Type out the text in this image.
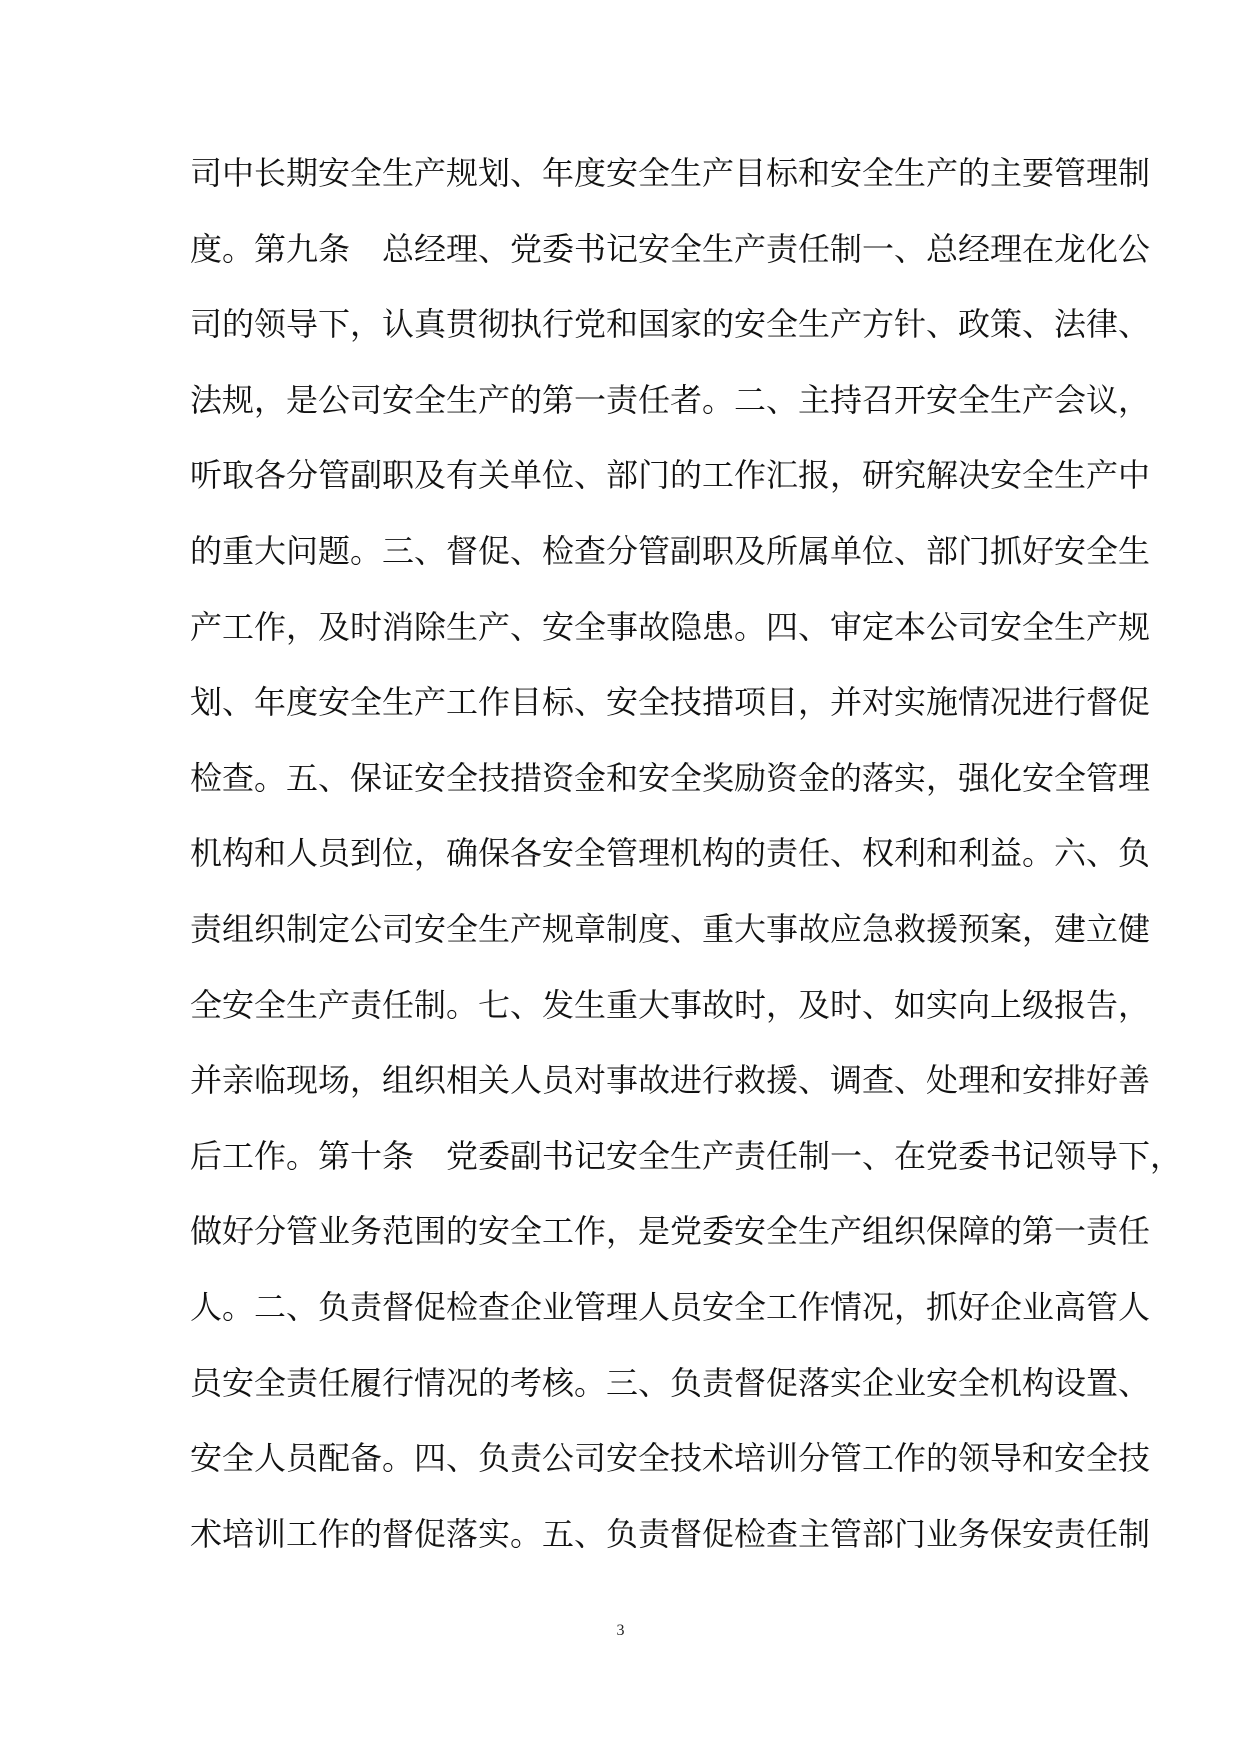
司中长期安全生产规划、年度安全生产目标和安全生产的主要管理制
度。第九条　总经理、党委书记安全生产责任制一、总经理在龙化公
司的领导下，认真贯彻执行党和国家的安全生产方针、政策、法律、
法规，是公司安全生产的第一责任者。二、主持召开安全生产会议，
听取各分管副职及有关单位、部门的工作汇报，研究解决安全生产中
的重大问题。三、督促、检查分管副职及所属单位、部门抓好安全生
产工作，及时消除生产、安全事故隐患。四、审定本公司安全生产规
划、年度安全生产工作目标、安全技措项目，并对实施情况进行督促
检查。五、保证安全技措资金和安全奖励资金的落实，强化安全管理
机构和人员到位，确保各安全管理机构的责任、权利和利益。六、负
责组织制定公司安全生产规章制度、重大事故应急救援预案，建立健
全安全生产责任制。七、发生重大事故时，及时、如实向上级报告，
并亲临现场，组织相关人员对事故进行救援、调查、处理和安排好善
后工作。第十条　党委副书记安全生产责任制一、在党委书记领导下，
做好分管业务范围的安全工作，是党委安全生产组织保障的第一责任
人。二、负责督促检查企业管理人员安全工作情况，抓好企业高管人
员安全责任履行情况的考核。三、负责督促落实企业安全机构设置、
安全人员配备。四、负责公司安全技术培训分管工作的领导和安全技
术培训工作的督促落实。五、负责督促检查主管部门业务保安责任制
3
